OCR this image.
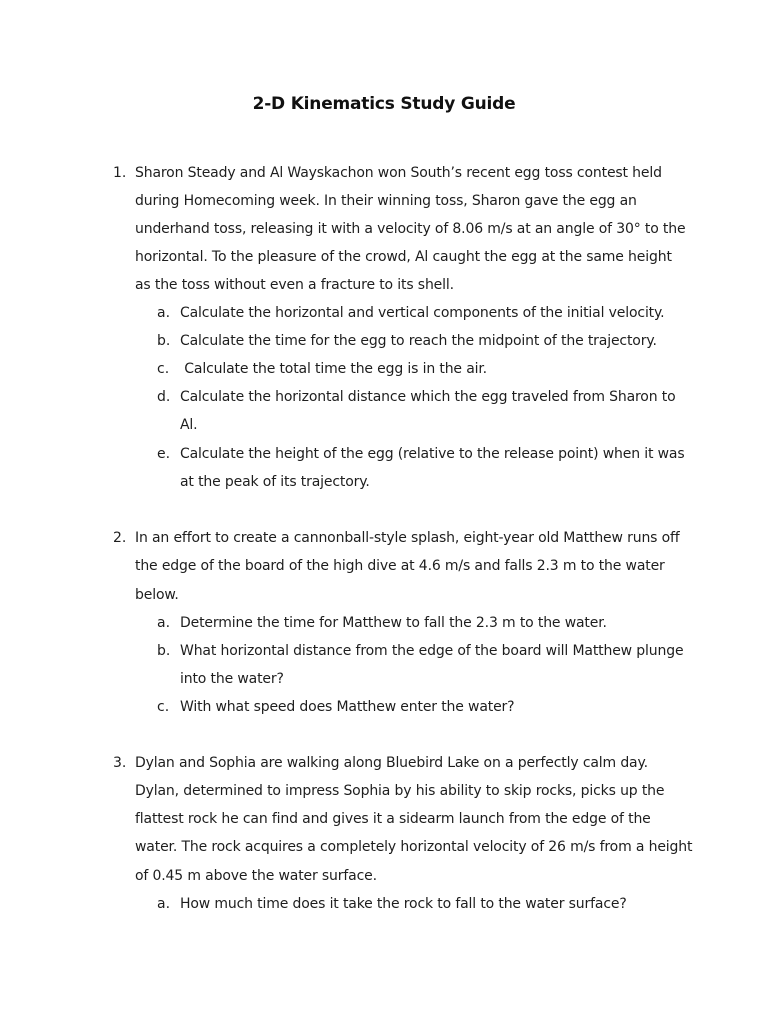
2-D Kinematics Study Guide
1. Sharon Steady and Al Wayskachon won South’s recent egg toss contest held
during Homecoming week. In their winning toss, Sharon gave the egg an
underhand toss, releasing it with a velocity of 8.06 m/s at an angle of 30° to the
horizontal. To the pleasure of the crowd, Al caught the egg at the same height
as the toss without even a fracture to its shell.
a. Calculate the horizontal and vertical components of the initial velocity.
b. Calculate the time for the egg to reach the midpoint of the trajectory.
c. Calculate the total time the egg is in the air.
d. Calculate the horizontal distance which the egg traveled from Sharon to
Al.
e. Calculate the height of the egg (relative to the release point) when it was
at the peak of its trajectory.
2. In an effort to create a cannonball-style splash, eight-year old Matthew runs off
the edge of the board of the high dive at 4.6 m/s and falls 2.3 m to the water
below.
a. Determine the time for Matthew to fall the 2.3 m to the water.
b. What horizontal distance from the edge of the board will Matthew plunge
into the water?
c. With what speed does Matthew enter the water?
3. Dylan and Sophia are walking along Bluebird Lake on a perfectly calm day.
Dylan, determined to impress Sophia by his ability to skip rocks, picks up the
flattest rock he can find and gives it a sidearm launch from the edge of the
water. The rock acquires a completely horizontal velocity of 26 m/s from a height
of 0.45 m above the water surface.
a. How much time does it take the rock to fall to the water surface?
